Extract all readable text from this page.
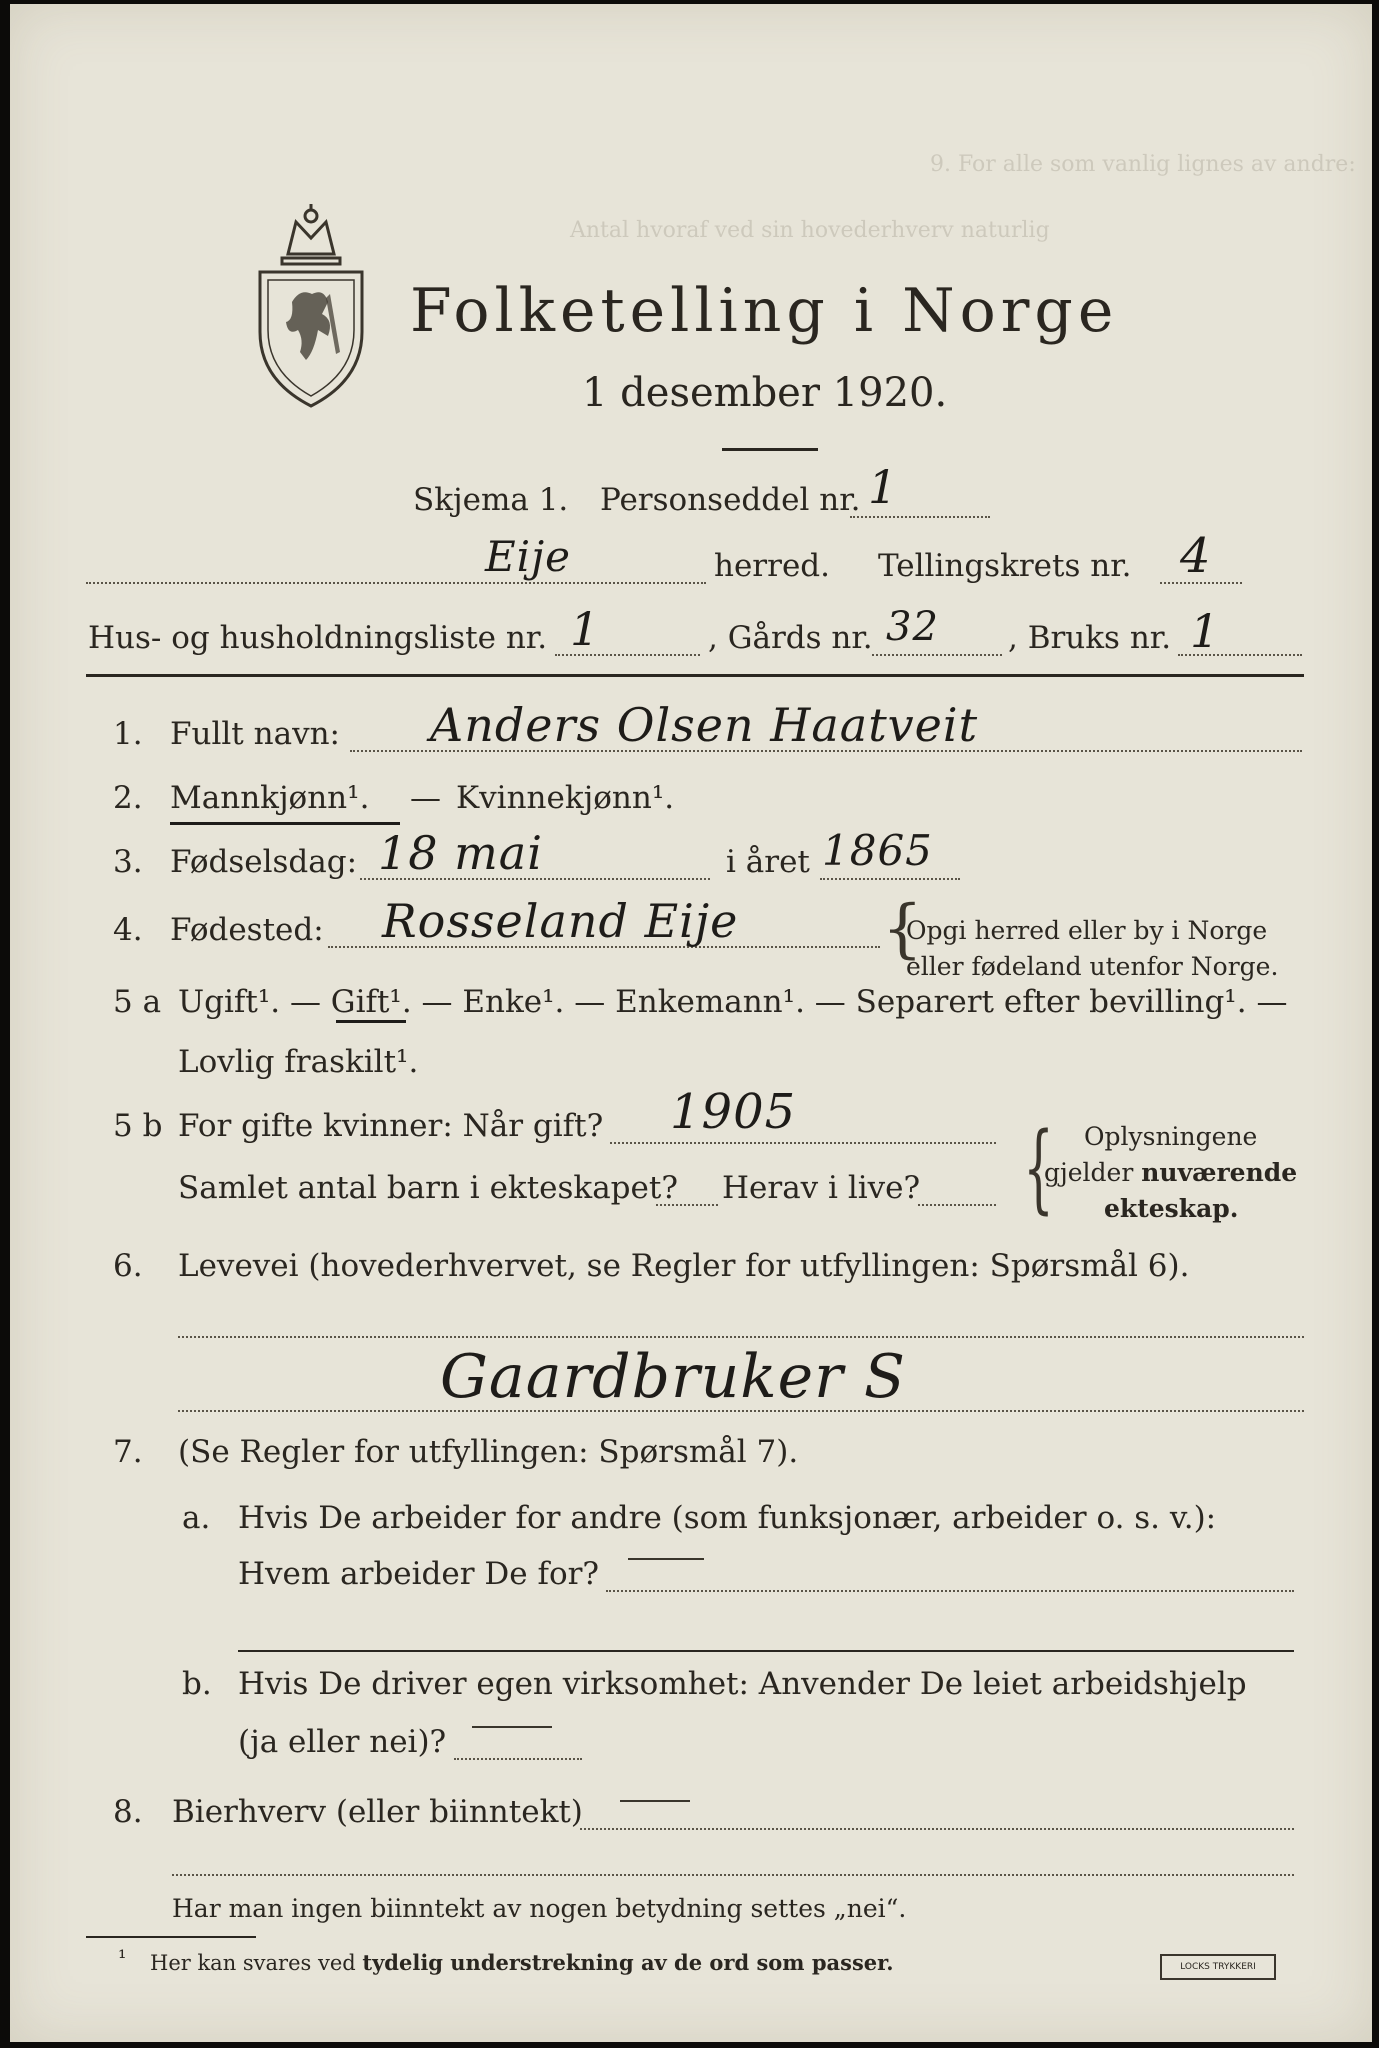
9. For alle som vanlig lignes av andre:
Antal hvoraf ved sin hovederhverv naturlig
Folketelling i Norge
1 desember 1920.
Skjema 1. Personseddel nr. 1
Eije	herred. Tellingskrets nr. 4
Hus- og husholdningsliste nr. 1	, Gårds nr. 32 , Bruks nr. 1
1. Fullt navn: Anders Olsen Haatveit
2. Mannkjønn¹. — Kvinnekjønn¹.
3. Fødselsdag: 18 mai	i året 1865
4. Fødested: Rosseland Eije {
Opgi herred eller by i Norge
eller fødeland utenfor Norge.
5 a Ugift¹. — Gift¹. — Enke¹. — Enkemann¹. — Separert efter bevilling¹. —
Lovlig fraskilt¹.
5 b For gifte kvinner: Når gift? 1905
Samlet antal barn i ekteskapet? Herav i live? { Oplysningene
gjelder nuværende
ekteskap.
6. Levevei (hovederhvervet, se Regler for utfyllingen: Spørsmål 6).
Gaardbruker S
7. (Se Regler for utfyllingen: Spørsmål 7).
a. Hvis De arbeider for andre (som funksjonær, arbeider o. s. v.):
Hvem arbeider De for?
b. Hvis De driver egen virksomhet: Anvender De leiet arbeidshjelp
(ja eller nei)?
8. Bierhverv (eller biinntekt)
Har man ingen biinntekt av nogen betydning settes „nei“.
¹ Her kan svares ved tydelig understrekning av de ord som passer.	LOCKS TRYKKERI
